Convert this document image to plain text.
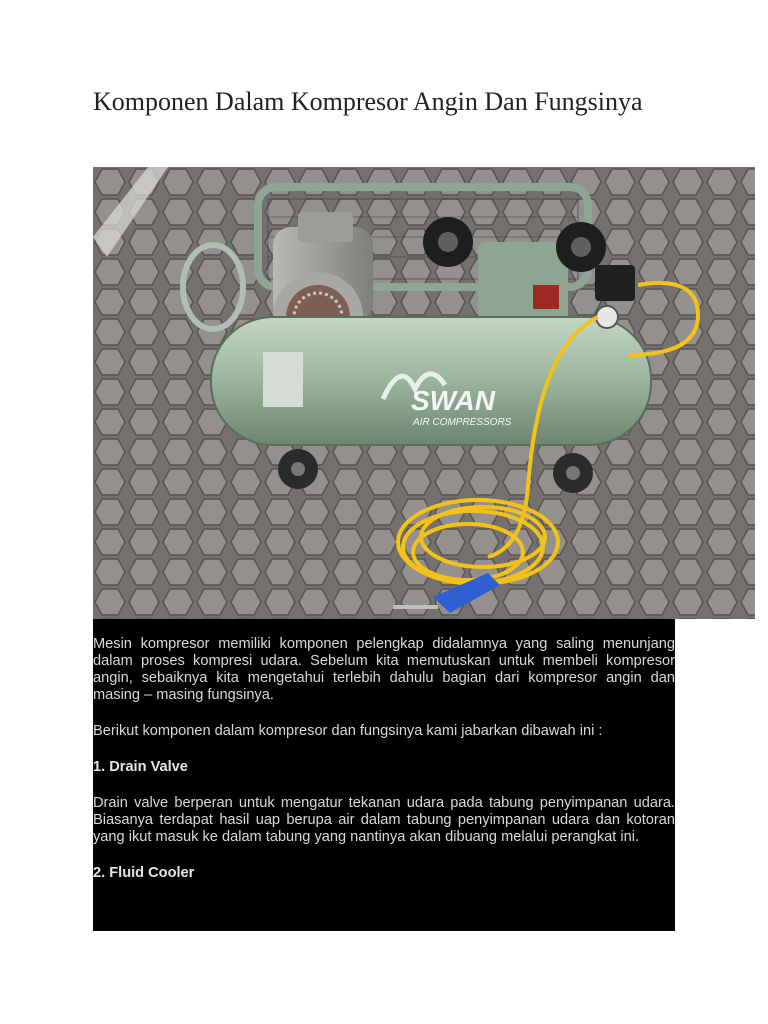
Komponen Dalam Kompresor Angin Dan Fungsinya
SWAN
AIR COMPRESSORS

Mesin kompresor memiliki komponen pelengkap didalamnya yang saling menunjang dalam proses kompresi udara. Sebelum kita memutuskan untuk membeli kompresor angin, sebaiknya kita mengetahui terlebih dahulu bagian dari kompresor angin dan masing – masing fungsinya.

Berikut komponen dalam kompresor dan fungsinya kami jabarkan dibawah ini :

1. Drain Valve

Drain valve berperan untuk mengatur tekanan udara pada tabung penyimpanan udara. Biasanya terdapat hasil uap berupa air dalam tabung penyimpanan udara dan kotoran yang ikut masuk ke dalam tabung yang nantinya akan dibuang melalui perangkat ini.

2. Fluid Cooler
